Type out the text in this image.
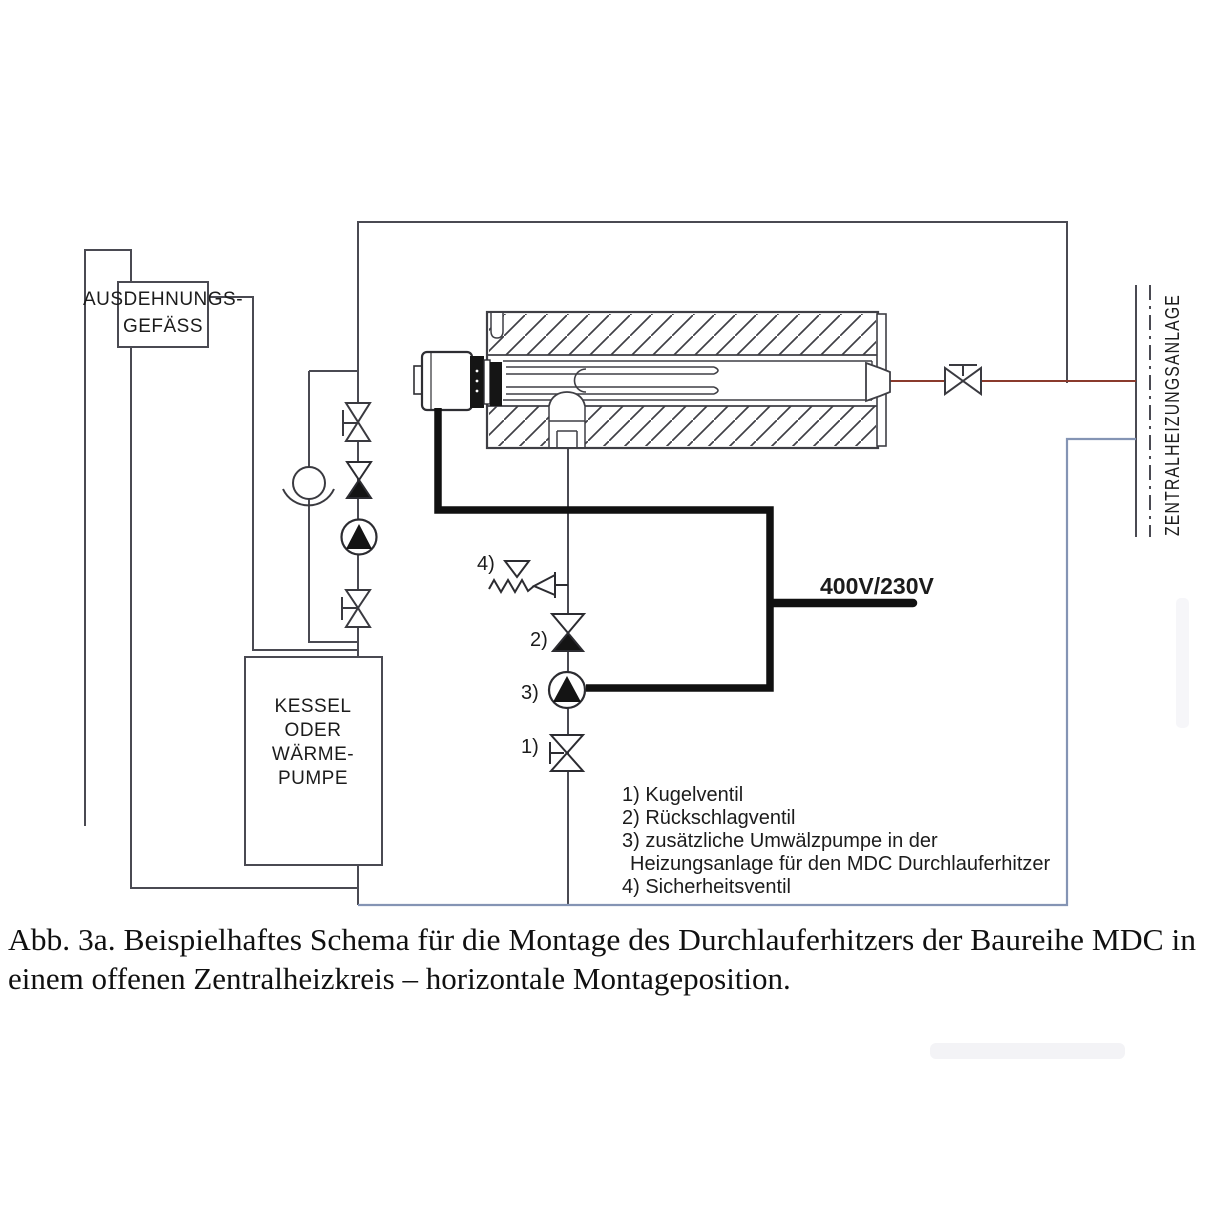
AUSDEHNUNGS-
GEFÄSS
KESSEL
ODER
WÄRME-
PUMPE
400V/230V
4)
2)
3)
1)
1) Kugelventil
2) Rückschlagventil
3) zusätzliche Umwälzpumpe in der
Heizungsanlage für den MDC Durchlauferhitzer
4) Sicherheitsventil
ZENTRALHEIZUNGSANLAGE
Abb. 3a. Beispielhaftes Schema für die Montage des Durchlauferhitzers der Baureihe MDC in
einem offenen Zentralheizkreis – horizontale Montageposition.
